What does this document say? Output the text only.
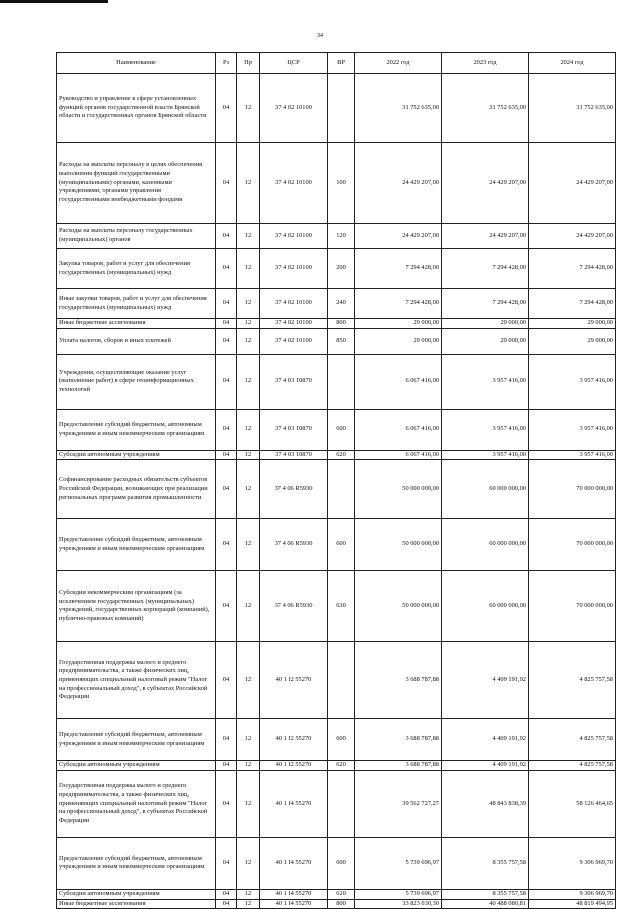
34
Наименование	Рз	Пр	ЦСР	ВР	2022 год	2023 год	2024 год
Руководство и управление в сфере установленных функций органов государственной власти Брянской области и государственных органов Брянской области	04	12	37 4 02 10100		31 752 635,00	31 752 635,00	31 752 635,00
Расходы на выплаты персоналу в целях обеспечения выполнения функций государственными (муниципальными) органами, казенными учреждениями, органами управления государственными внебюджетными фондами	04	12	37 4 02 10100	100	24 429 207,00	24 429 207,00	24 429 207,00
Расходы на выплаты персоналу государственных (муниципальных) органов	04	12	37 4 02 10100	120	24 429 207,00	24 429 207,00	24 429 207,00
Закупка товаров, работ и услуг для обеспечения государственных (муниципальных) нужд	04	12	37 4 02 10100	200	7 294 428,00	7 294 428,00	7 294 428,00
Иные закупки товаров, работ и услуг для обеспечения государственных (муниципальных) нужд	04	12	37 4 02 10100	240	7 294 428,00	7 294 428,00	7 294 428,00
Иные бюджетные ассигнования	04	12	37 4 02 10100	800	29 000,00	29 000,00	29 000,00
Уплата налогов, сборов и иных платежей	04	12	37 4 02 10100	850	29 000,00	29 000,00	29 000,00
Учреждения, осуществляющие оказание услуг (выполнение работ) в сфере геоинформационных технологий	04	12	37 4 03 10870		6 067 416,00	3 957 416,00	3 957 416,00
Предоставление субсидий бюджетным, автономным учреждениям и иным некоммерческим организациям	04	12	37 4 03 10870	600	6 067 416,00	3 957 416,00	3 957 416,00
Субсидии автономным учреждениям	04	12	37 4 03 10870	620	6 067 416,00	3 957 416,00	3 957 416,00
Софинансирование расходных обязательств субъектов Российской Федерации, возникающих при реализации региональных программ развития промышленности	04	12	37 4 06 R5930		50 000 000,00	60 000 000,00	70 000 000,00
Предоставление субсидий бюджетным, автономным учреждениям и иным некоммерческим организациям	04	12	37 4 06 R5930	600	50 000 000,00	60 000 000,00	70 000 000,00
Субсидии некоммерческим организациям (за исключением государственных (муниципальных) учреждений, государственных корпораций (компаний), публично-правовых компаний)	04	12	37 4 06 R5930	630	50 000 000,00	60 000 000,00	70 000 000,00
Государственная поддержка малого и среднего предпринимательства, а также физических лиц, применяющих специальный налоговый режим "Налог на профессиональный доход", в субъектах Российской Федерации	04	12	40 1 I2 55270		3 688 787,88	4 409 191,92	4 825 757,58
Предоставление субсидий бюджетным, автономным учреждениям и иным некоммерческим организациям	04	12	40 1 I2 55270	600	3 688 787,88	4 409 191,92	4 825 757,58
Субсидии автономным учреждениям	04	12	40 1 I2 55270	620	3 688 787,88	4 409 191,92	4 825 757,58
Государственная поддержка малого и среднего предпринимательства, а также физических лиц, применяющих специальный налоговый режим "Налог на профессиональный доход", в субъектах Российской Федерации	04	12	40 1 I4 55270		39 562 727,27	48 843 838,39	58 126 464,65
Предоставление субсидий бюджетным, автономным учреждениям и иным некоммерческим организациям	04	12	40 1 I4 55270	600	5 739 696,97	8 355 757,58	9 306 969,70
Субсидии автономным учреждениям	04	12	40 1 I4 55270	620	5 739 696,97	8 355 757,58	9 306 969,70
Иные бюджетные ассигнования	04	12	40 1 I4 55270	800	33 823 030,30	40 488 080,81	48 819 494,95
